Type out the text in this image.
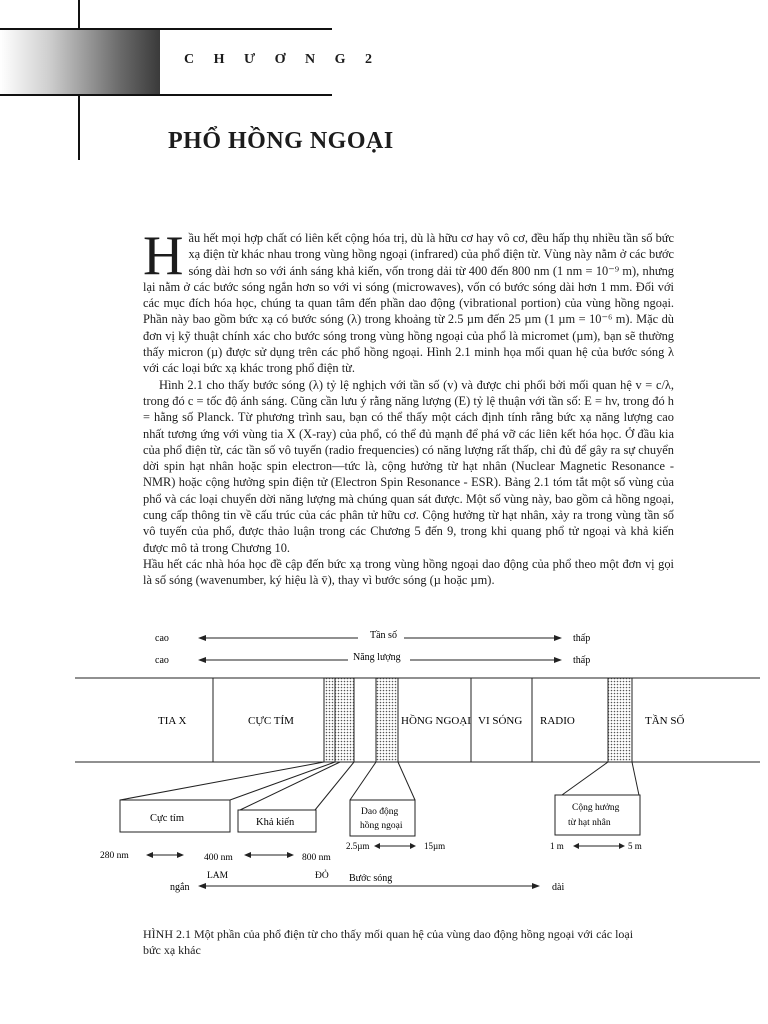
C H Ư Ơ N G 2

PHỔ HỒNG NGOẠI

Hầu hết mọi hợp chất có liên kết cộng hóa trị, dù là hữu cơ hay vô cơ, đều hấp thụ nhiều tần số bức xạ điện từ khác nhau trong vùng hồng ngoại (infrared) của phổ điện từ. Vùng này nằm ở các bước sóng dài hơn so với ánh sáng khả kiến, vốn trong dải từ 400 đến 800 nm (1 nm = 10⁻⁹ m), nhưng lại nằm ở các bước sóng ngắn hơn so với vi sóng (microwaves), vốn có bước sóng dài hơn 1 mm. Đối với các mục đích hóa học, chúng ta quan tâm đến phần dao động (vibrational portion) của vùng hồng ngoại. Phần này bao gồm bức xạ có bước sóng (λ) trong khoảng từ 2.5 µm đến 25 µm (1 µm = 10⁻⁶ m). Mặc dù đơn vị kỹ thuật chính xác cho bước sóng trong vùng hồng ngoại của phổ là micromet (µm), bạn sẽ thường thấy micron (µ) được sử dụng trên các phổ hồng ngoại. Hình 2.1 minh họa mối quan hệ của bước sóng λ với các loại bức xạ khác trong phổ điện từ.

Hình 2.1 cho thấy bước sóng (λ) tỷ lệ nghịch với tần số (v) và được chi phối bởi mối quan hệ v = c/λ, trong đó c = tốc độ ánh sáng. Cũng cần lưu ý rằng năng lượng (E) tỷ lệ thuận với tần số: E = hv, trong đó h = hằng số Planck. Từ phương trình sau, bạn có thể thấy một cách định tính rằng bức xạ năng lượng cao nhất tương ứng với vùng tia X (X-ray) của phổ, có thể đủ mạnh để phá vỡ các liên kết hóa học. Ở đầu kia của phổ điện từ, các tần số vô tuyến (radio frequencies) có năng lượng rất thấp, chỉ đủ để gây ra sự chuyển dời spin hạt nhân hoặc spin electron—tức là, cộng hưởng từ hạt nhân (Nuclear Magnetic Resonance - NMR) hoặc cộng hưởng spin điện tử (Electron Spin Resonance - ESR). Bảng 2.1 tóm tắt một số vùng của phổ và các loại chuyển dời năng lượng mà chúng quan sát được. Một số vùng này, bao gồm cả hồng ngoại, cung cấp thông tin về cấu trúc của các phân tử hữu cơ. Cộng hưởng từ hạt nhân, xảy ra trong vùng tần số vô tuyến của phổ, được thảo luận trong các Chương 5 đến 9, trong khi quang phổ tử ngoại và khả kiến được mô tả trong Chương 10.

Hầu hết các nhà hóa học đề cập đến bức xạ trong vùng hồng ngoại dao động của phổ theo một đơn vị gọi là số sóng (wavenumber, ký hiệu là v̄), thay vì bước sóng (µ hoặc µm).

cao	Tần số	thấp
cao	Năng lượng	thấp
TIA X	CỰC TÍM	HỒNG NGOẠI VI SÓNG RADIO	TẦN SỐ
Cực tím	Khả kiến
Dao động
hồng ngoại
Cộng hưởng
từ hạt nhân
280 nm	400 nm
LAM
800 nm
ĐỎ
2.5µm	15µm	1 m	5 m
ngắn
Bước sóng
dài

HÌNH 2.1 Một phần của phổ điện từ cho thấy mối quan hệ của vùng dao động hồng ngoại với các loại bức xạ khác
